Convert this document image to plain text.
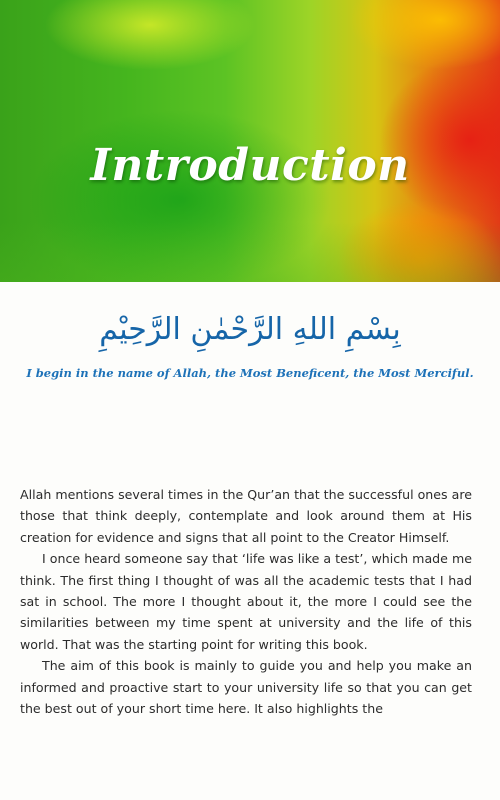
Introduction
بِسْمِ اللهِ الرَّحْمٰنِ الرَّحِيْمِ

I begin in the name of Allah, the Most Beneficent, the Most Merciful.

Allah mentions several times in the Qur’an that the successful ones are those that think deeply, contemplate and look around them at His creation for evidence and signs that all point to the Creator Himself.

I once heard someone say that ‘life was like a test’, which made me think. The first thing I thought of was all the academic tests that I had sat in school. The more I thought about it, the more I could see the similarities between my time spent at university and the life of this world. That was the starting point for writing this book.

The aim of this book is mainly to guide you and help you make an informed and proactive start to your university life so that you can get the best out of your short time here. It also highlights the
